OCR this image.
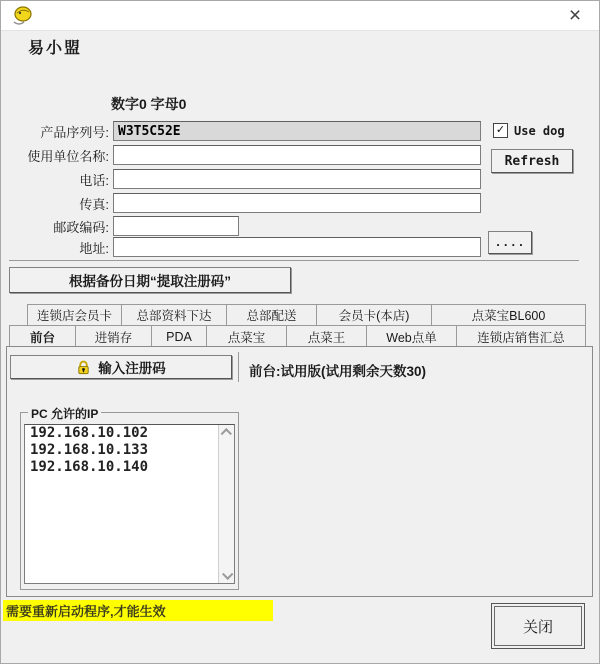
×
易小盟
数字0 字母0
产品序列号:
W3T5C52E
使用单位名称:
电话:
传真:
邮政编码:
地址:
✓ Use dog
Refresh
....
根据备份日期“提取注册码”
连锁店会员卡	总部资料下达	总部配送	会员卡(本店)	点菜宝BL600
前台	进销存	PDA	点菜宝	点菜王	Web点单	连锁店销售汇总
输入注册码	前台:试用版(试用剩余天数30)
PC 允许的IP
192.168.10.102
192.168.10.133
192.168.10.140
需要重新启动程序,才能生效
关闭
